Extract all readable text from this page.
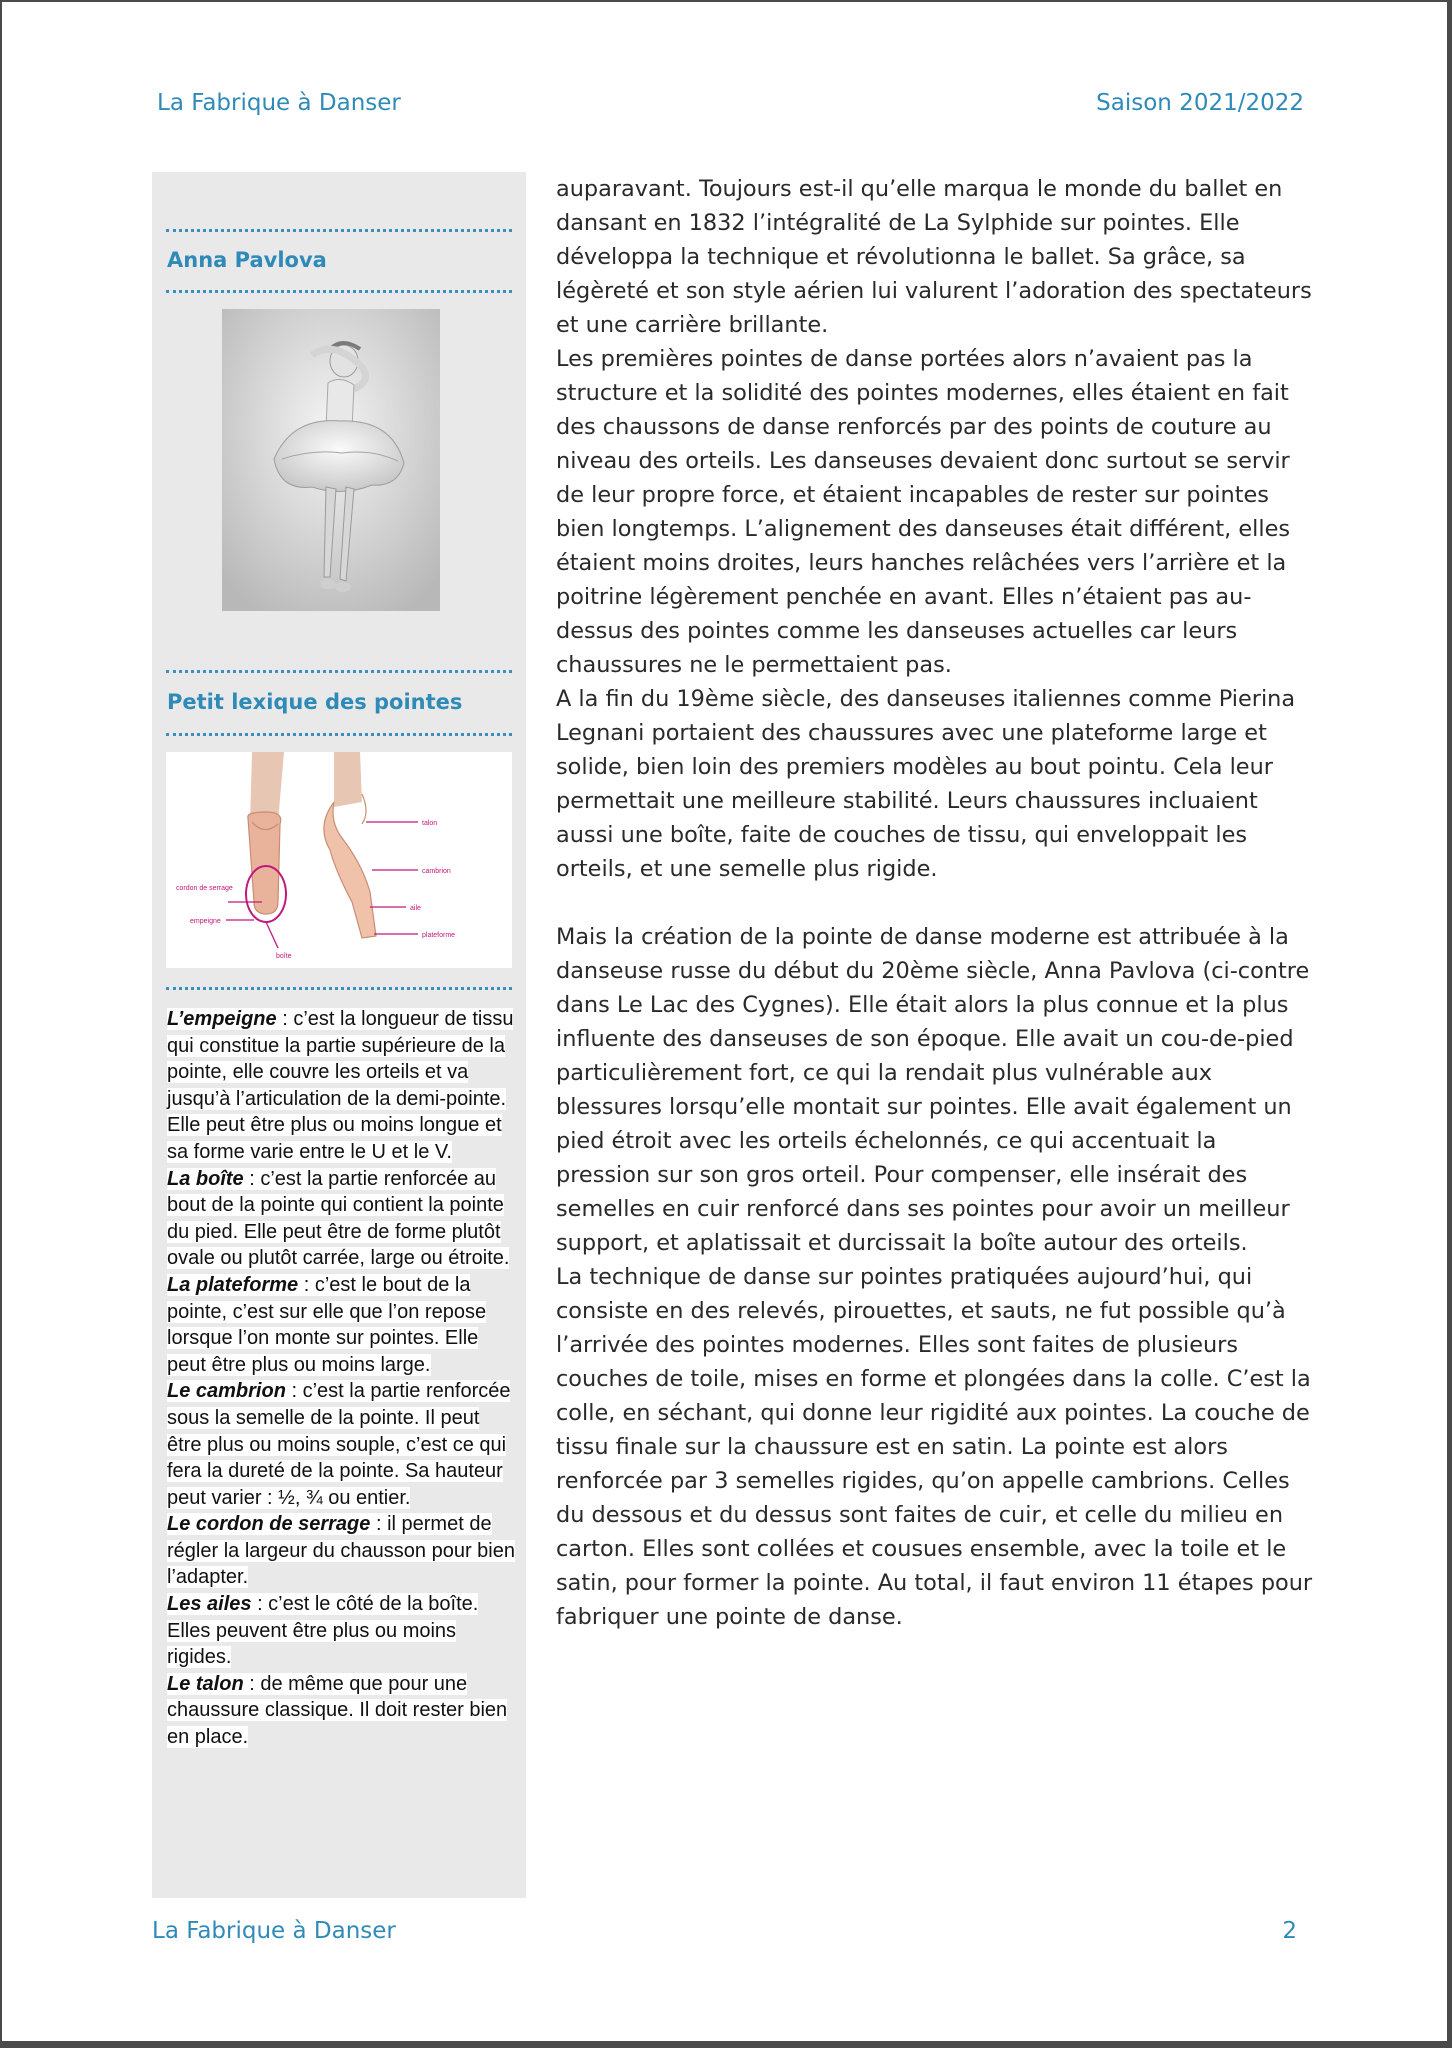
La Fabrique à Danser	Saison 2021/2022
Anna Pavlova
Petit lexique des pointes
talon
cambrion
aile
plateforme
cordon de serrage
empeigne
boîte

L’empeigne : c’est la longueur de tissu qui constitue la partie supérieure de la pointe, elle couvre les orteils et va jusqu’à l’articulation de la demi-pointe. Elle peut être plus ou moins longue et sa forme varie entre le U et le V.

La boîte : c’est la partie renforcée au bout de la pointe qui contient la pointe du pied. Elle peut être de forme plutôt ovale ou plutôt carrée, large ou étroite.

La plateforme : c’est le bout de la pointe, c’est sur elle que l’on repose lorsque l’on monte sur pointes. Elle peut être plus ou moins large.

Le cambrion : c’est la partie renforcée sous la semelle de la pointe. Il peut être plus ou moins souple, c’est ce qui fera la dureté de la pointe. Sa hauteur peut varier : ½, ¾ ou entier.

Le cordon de serrage : il permet de régler la largeur du chausson pour bien l’adapter.

Les ailes : c’est le côté de la boîte. Elles peuvent être plus ou moins rigides.

Le talon : de même que pour une chaussure classique. Il doit rester bien en place.

auparavant. Toujours est-il qu’elle marqua le monde du ballet en dansant en 1832 l’intégralité de La Sylphide sur pointes. Elle développa la technique et révolutionna le ballet. Sa grâce, sa légèreté et son style aérien lui valurent l’adoration des spectateurs et une carrière brillante.

Les premières pointes de danse portées alors n’avaient pas la structure et la solidité des pointes modernes, elles étaient en fait des chaussons de danse renforcés par des points de couture au niveau des orteils. Les danseuses devaient donc surtout se servir de leur propre force, et étaient incapables de rester sur pointes bien longtemps. L’alignement des danseuses était différent, elles étaient moins droites, leurs hanches relâchées vers l’arrière et la poitrine légèrement penchée en avant. Elles n’étaient pas au-dessus des pointes comme les danseuses actuelles car leurs chaussures ne le permettaient pas.

A la fin du 19ème siècle, des danseuses italiennes comme Pierina Legnani portaient des chaussures avec une plateforme large et solide, bien loin des premiers modèles au bout pointu. Cela leur permettait une meilleure stabilité. Leurs chaussures incluaient aussi une boîte, faite de couches de tissu, qui enveloppait les orteils, et une semelle plus rigide.

Mais la création de la pointe de danse moderne est attribuée à la danseuse russe du début du 20ème siècle, Anna Pavlova (ci-contre dans Le Lac des Cygnes). Elle était alors la plus connue et la plus influente des danseuses de son époque. Elle avait un cou-de-pied particulièrement fort, ce qui la rendait plus vulnérable aux blessures lorsqu’elle montait sur pointes. Elle avait également un pied étroit avec les orteils échelonnés, ce qui accentuait la pression sur son gros orteil. Pour compenser, elle insérait des semelles en cuir renforcé dans ses pointes pour avoir un meilleur support, et aplatissait et durcissait la boîte autour des orteils.

La technique de danse sur pointes pratiquées aujourd’hui, qui consiste en des relevés, pirouettes, et sauts, ne fut possible qu’à l’arrivée des pointes modernes. Elles sont faites de plusieurs couches de toile, mises en forme et plongées dans la colle. C’est la colle, en séchant, qui donne leur rigidité aux pointes. La couche de tissu finale sur la chaussure est en satin. La pointe est alors renforcée par 3 semelles rigides, qu’on appelle cambrions. Celles du dessous et du dessus sont faites de cuir, et celle du milieu en carton. Elles sont collées et cousues ensemble, avec la toile et le satin, pour former la pointe. Au total, il faut environ 11 étapes pour fabriquer une pointe de danse.

La Fabrique à Danser	2
